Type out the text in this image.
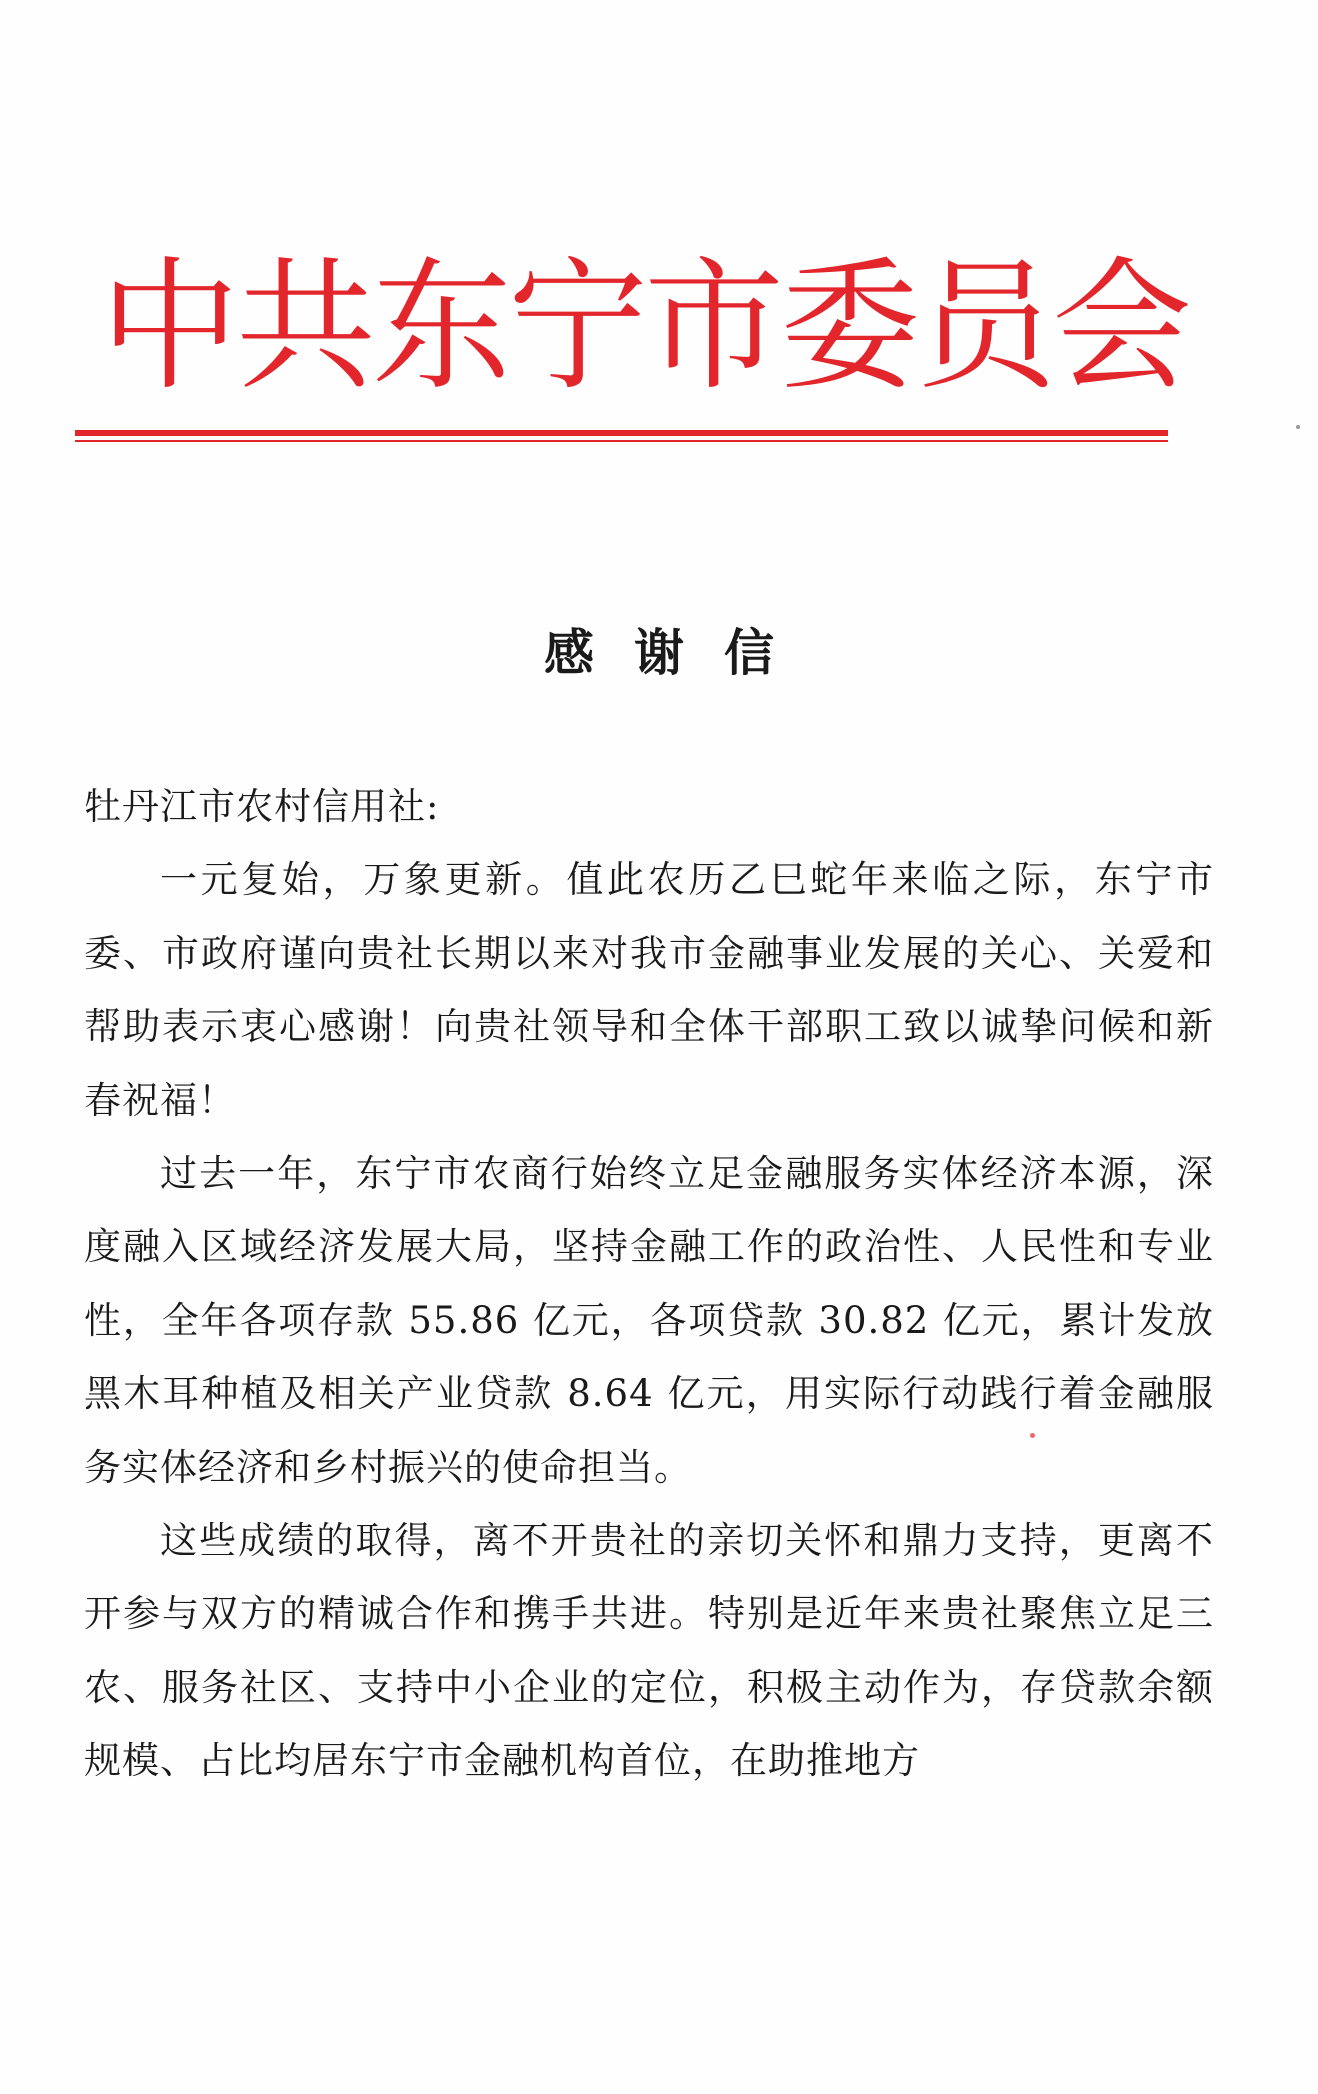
中共东宁市委员会
感谢信

牡丹江市农村信用社:

一元复始，万象更新。值此农历乙巳蛇年来临之际，东宁市委、市政府谨向贵社长期以来对我市金融事业发展的关心、关爱和帮助表示衷心感谢！向贵社领导和全体干部职工致以诚挚问候和新春祝福！

过去一年，东宁市农商行始终立足金融服务实体经济本源，深度融入区域经济发展大局，坚持金融工作的政治性、人民性和专业性，全年各项存款 55.86 亿元，各项贷款 30.82 亿元，累计发放黑木耳种植及相关产业贷款 8.64 亿元，用实际行动践行着金融服务实体经济和乡村振兴的使命担当。

这些成绩的取得，离不开贵社的亲切关怀和鼎力支持，更离不开参与双方的精诚合作和携手共进。特别是近年来贵社聚焦立足三农、服务社区、支持中小企业的定位，积极主动作为，存贷款余额规模、占比均居东宁市金融机构首位，在助推地方
